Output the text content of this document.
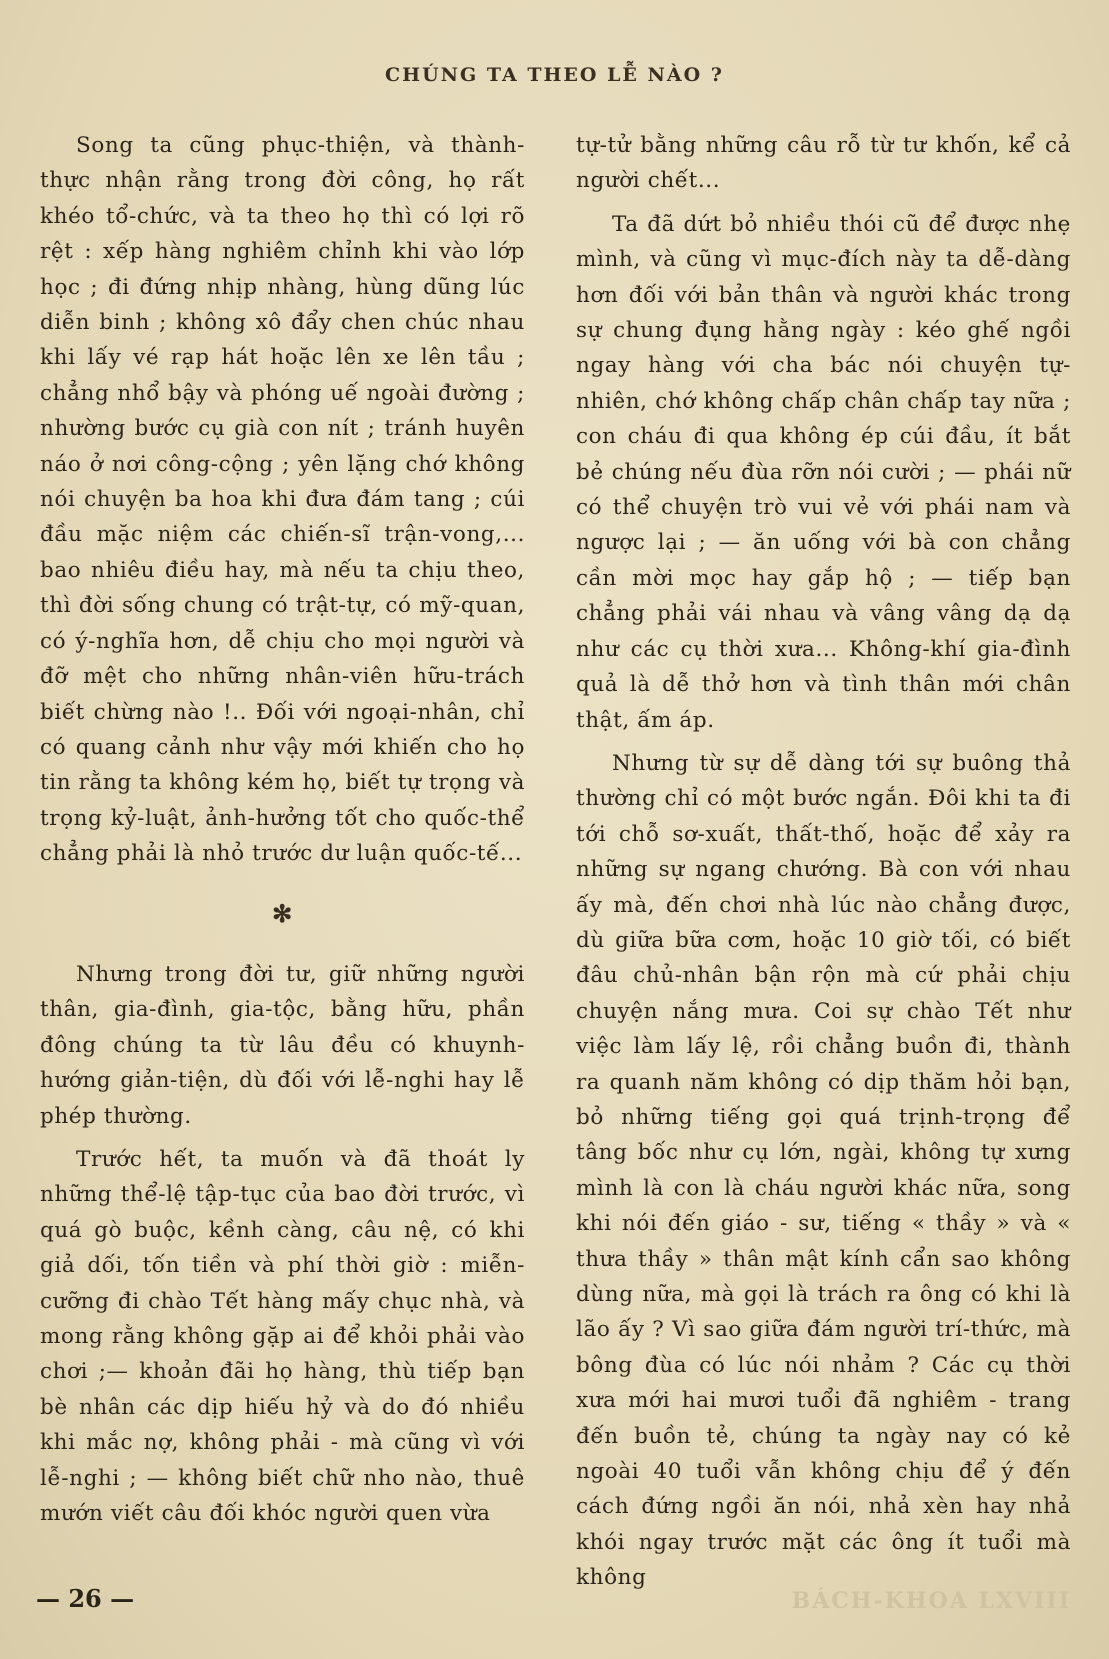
CHÚNG TA THEO LỄ NÀO ?

Song ta cũng phục-thiện, và thành-thực nhận rằng trong đời công, họ rất khéo tổ-chức, và ta theo họ thì có lợi rõ rệt : xếp hàng nghiêm chỉnh khi vào lớp học ; đi đứng nhịp nhàng, hùng dũng lúc diễn binh ; không xô đẩy chen chúc nhau khi lấy vé rạp hát hoặc lên xe lên tầu ; chẳng nhổ bậy và phóng uế ngoài đường ; nhường bước cụ già con nít ; tránh huyên náo ở nơi công-cộng ; yên lặng chớ không nói chuyện ba hoa khi đưa đám tang ; cúi đầu mặc niệm các chiến-sĩ trận-vong,... bao nhiêu điều hay, mà nếu ta chịu theo, thì đời sống chung có trật-tự, có mỹ-quan, có ý-nghĩa hơn, dễ chịu cho mọi người và đỡ mệt cho những nhân-viên hữu-trách biết chừng nào !.. Đối với ngoại-nhân, chỉ có quang cảnh như vậy mới khiến cho họ tin rằng ta không kém họ, biết tự trọng và trọng kỷ-luật, ảnh-hưởng tốt cho quốc-thể chẳng phải là nhỏ trước dư luận quốc-tế...

✻

Nhưng trong đời tư, giữ những người thân, gia-đình, gia-tộc, bằng hữu, phần đông chúng ta từ lâu đều có khuynh-hướng giản-tiện, dù đối với lễ-nghi hay lễ phép thường.

Trước hết, ta muốn và đã thoát ly những thể-lệ tập-tục của bao đời trước, vì quá gò buộc, kềnh càng, câu nệ, có khi giả dối, tốn tiền và phí thời giờ : miễn-cưỡng đi chào Tết hàng mấy chục nhà, và mong rằng không gặp ai để khỏi phải vào chơi ;— khoản đãi họ hàng, thù tiếp bạn bè nhân các dịp hiếu hỷ và do đó nhiều khi mắc nợ, không phải - mà cũng vì với lễ-nghi ; — không biết chữ nho nào, thuê mướn viết câu đối khóc người quen vừa

tự-tử bằng những câu rỗ từ tư khốn, kể cả người chết...

Ta đã dứt bỏ nhiều thói cũ để được nhẹ mình, và cũng vì mục-đích này ta dễ-dàng hơn đối với bản thân và người khác trong sự chung đụng hằng ngày : kéo ghế ngồi ngay hàng với cha bác nói chuyện tự-nhiên, chớ không chấp chân chấp tay nữa ; con cháu đi qua không ép cúi đầu, ít bắt bẻ chúng nếu đùa rỡn nói cười ; — phái nữ có thể chuyện trò vui vẻ với phái nam và ngược lại ; — ăn uống với bà con chẳng cần mời mọc hay gắp hộ ; — tiếp bạn chẳng phải vái nhau và vâng vâng dạ dạ như các cụ thời xưa... Không-khí gia-đình quả là dễ thở hơn và tình thân mới chân thật, ấm áp.

Nhưng từ sự dễ dàng tới sự buông thả thường chỉ có một bước ngắn. Đôi khi ta đi tới chỗ sơ-xuất, thất-thố, hoặc để xảy ra những sự ngang chướng. Bà con với nhau ấy mà, đến chơi nhà lúc nào chẳng được, dù giữa bữa cơm, hoặc 10 giờ tối, có biết đâu chủ-nhân bận rộn mà cứ phải chịu chuyện nắng mưa. Coi sự chào Tết như việc làm lấy lệ, rồi chẳng buồn đi, thành ra quanh năm không có dịp thăm hỏi bạn, bỏ những tiếng gọi quá trịnh-trọng để tâng bốc như cụ lớn, ngài, không tự xưng mình là con là cháu người khác nữa, song khi nói đến giáo - sư, tiếng « thầy » và « thưa thầy » thân mật kính cẩn sao không dùng nữa, mà gọi là trách ra ông có khi là lão ấy ? Vì sao giữa đám người trí-thức, mà bông đùa có lúc nói nhảm ? Các cụ thời xưa mới hai mươi tuổi đã nghiêm - trang đến buồn tẻ, chúng ta ngày nay có kẻ ngoài 40 tuổi vẫn không chịu để ý đến cách đứng ngồi ăn nói, nhả xèn hay nhả khói ngay trước mặt các ông ít tuổi mà không

— 26 —	BÁCH-KHOA LXVIII
